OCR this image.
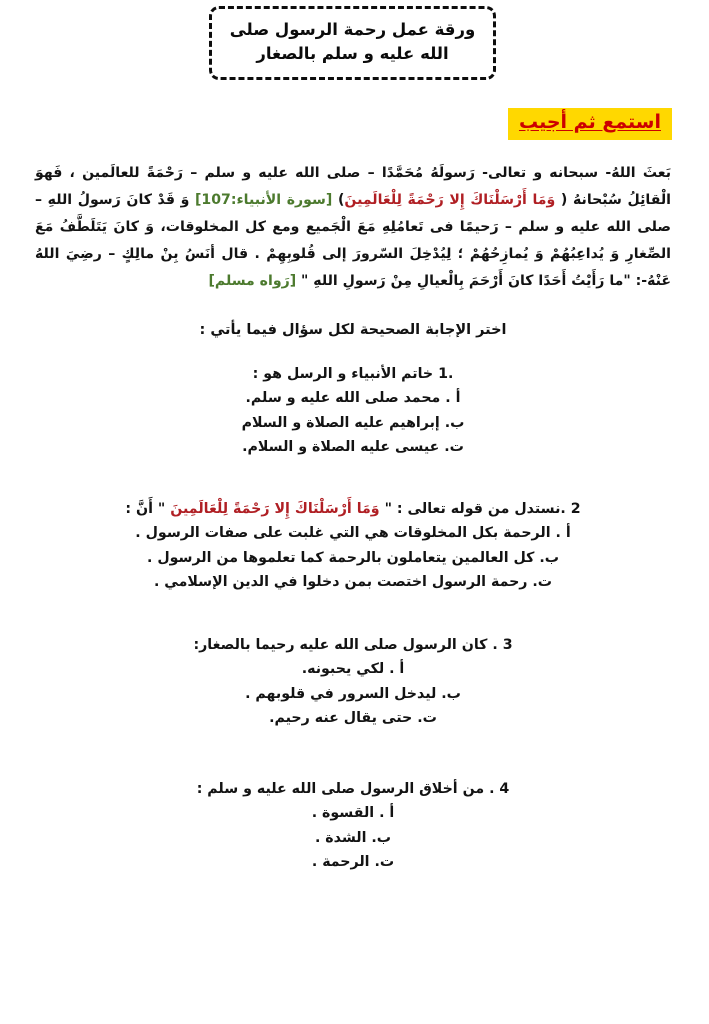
ورقة عمل رحمة الرسول صلى
الله عليه و سلم بالصغار
استمع ثم أجيب
بَعثَ اللهُ- سبحانه و تعالى- رَسولَهُ مُحَمَّدًا – صلى الله عليه و سلم – رَحْمَةً للعالَمين ، فَهوَ الْقائِلُ سُبْحانهُ ( وَمَا أَرْسَلْنَاكَ إِلا رَحْمَةً لِلْعَالَمِينَ) [سورة الأنبياء:107] وَ قَدْ كانَ رَسولُ اللهِ – صلى الله عليه و سلم – رَحيمًا فى تَعامُلِهِ مَعَ الْجَميع ومع كل المخلوقات، وَ كانَ يَتَلَطَّفُ مَعَ الصِّغارِ وَ يُداعِبُهُمْ وَ يُمازِحُهُمْ ؛ لِيُدْخِلَ السّرورَ إلى قُلوبِهِمْ . قال أنَسُ بِنْ مالِكٍ – رضِيَ اللهُ عَنْهُ-: "ما رَأَيْتُ أَحَدًا كانَ أَرْحَمَ بِالْعيالِ مِنْ رَسولِ اللهِ " [رَواه مسلم]
اختر الإجابة الصحيحة لكل سؤال فيما يأتي :
.1 خاتم الأنبياء و الرسل هو :
أ . محمد صلى الله عليه و سلم.
ب. إبراهيم عليه الصلاة و السلام
ت. عيسى عليه الصلاة و السلام.
2 .نستدل من قوله تعالى : " وَمَا أَرْسَلْنَاكَ إِلا رَحْمَةً لِلْعَالَمِينَ " أَنَّ :
أ . الرحمة بكل المخلوقات هي التي غلبت على صفات الرسول .
ب. كل العالمين يتعاملون بالرحمة كما تعلموها من الرسول .
ت. رحمة الرسول اختصت بمن دخلوا في الدين الإسلامي .
3 . كان الرسول صلى الله عليه رحيما بالصغار:
أ . لكي يحبونه.
ب. ليدخل السرور في قلوبهم .
ت. حتى يقال عنه رحيم.
4 . من أخلاق الرسول صلى الله عليه و سلم :
أ . القسوة .
ب. الشدة .
ت. الرحمة .
